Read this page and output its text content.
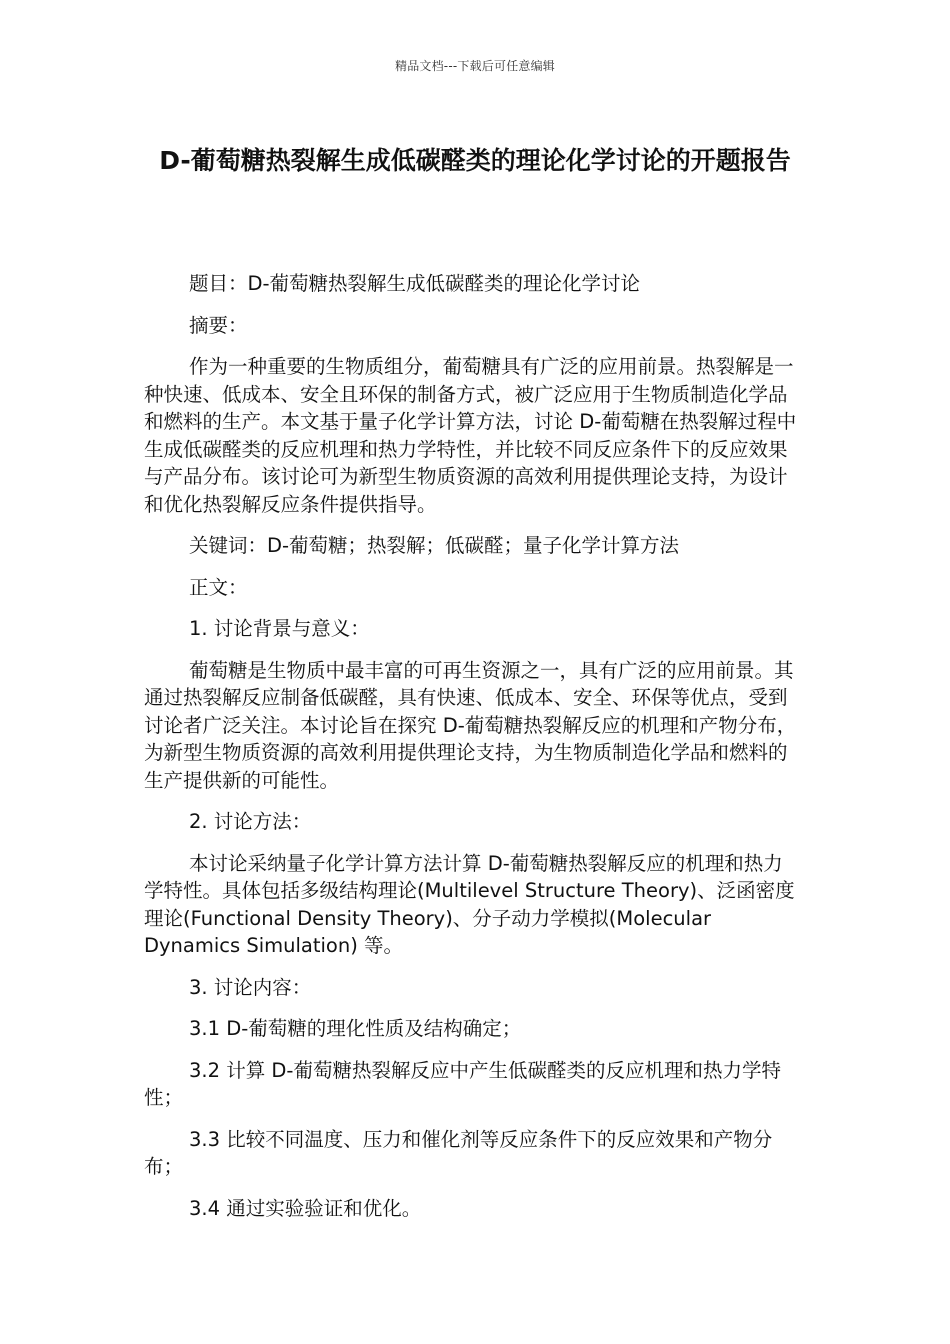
精品文档---下载后可任意编辑
D-葡萄糖热裂解生成低碳醛类的理论化学讨论的开题报告

题目：D-葡萄糖热裂解生成低碳醛类的理论化学讨论

摘要：

作为一种重要的生物质组分，葡萄糖具有广泛的应用前景。热裂解是一种快速、低成本、安全且环保的制备方式，被广泛应用于生物质制造化学品和燃料的生产。本文基于量子化学计算方法，讨论 D-葡萄糖在热裂解过程中生成低碳醛类的反应机理和热力学特性，并比较不同反应条件下的反应效果与产品分布。该讨论可为新型生物质资源的高效利用提供理论支持，为设计和优化热裂解反应条件提供指导。

关键词：D-葡萄糖；热裂解；低碳醛；量子化学计算方法

正文：

1. 讨论背景与意义：

葡萄糖是生物质中最丰富的可再生资源之一，具有广泛的应用前景。其通过热裂解反应制备低碳醛，具有快速、低成本、安全、环保等优点，受到讨论者广泛关注。本讨论旨在探究 D-葡萄糖热裂解反应的机理和产物分布，为新型生物质资源的高效利用提供理论支持，为生物质制造化学品和燃料的生产提供新的可能性。

2. 讨论方法：

本讨论采纳量子化学计算方法计算 D-葡萄糖热裂解反应的机理和热力学特性。具体包括多级结构理论(Multilevel Structure Theory)、泛函密度理论(Functional Density Theory)、分子动力学模拟(Molecular Dynamics Simulation) 等。

3. 讨论内容：

3.1 D-葡萄糖的理化性质及结构确定；

3.2 计算 D-葡萄糖热裂解反应中产生低碳醛类的反应机理和热力学特性；

3.3 比较不同温度、压力和催化剂等反应条件下的反应效果和产物分布；

3.4 通过实验验证和优化。
